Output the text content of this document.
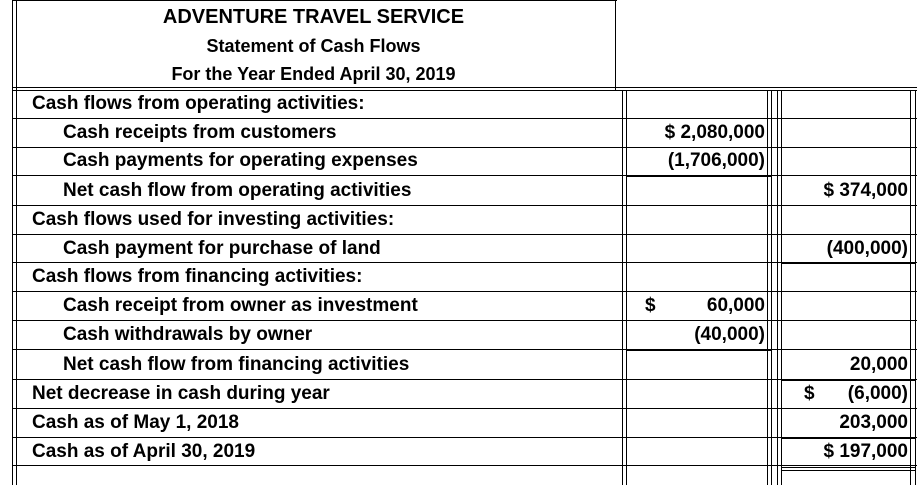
ADVENTURE TRAVEL SERVICE
Statement of Cash Flows
For the Year Ended April 30, 2019
Cash flows from operating activities:
Cash receipts from customers
Cash payments for operating expenses
Net cash flow from operating activities
Cash flows used for investing activities:
Cash payment for purchase of land
Cash flows from financing activities:
Cash receipt from owner as investment
Cash withdrawals by owner
Net cash flow from financing activities
Net decrease in cash during year
Cash as of May 1, 2018
Cash as of April 30, 2019
$ 2,080,000
(1,706,000)
$	60,000
(40,000)
$ 374,000
(400,000)
20,000
$	(6,000)
203,000
$ 197,000
